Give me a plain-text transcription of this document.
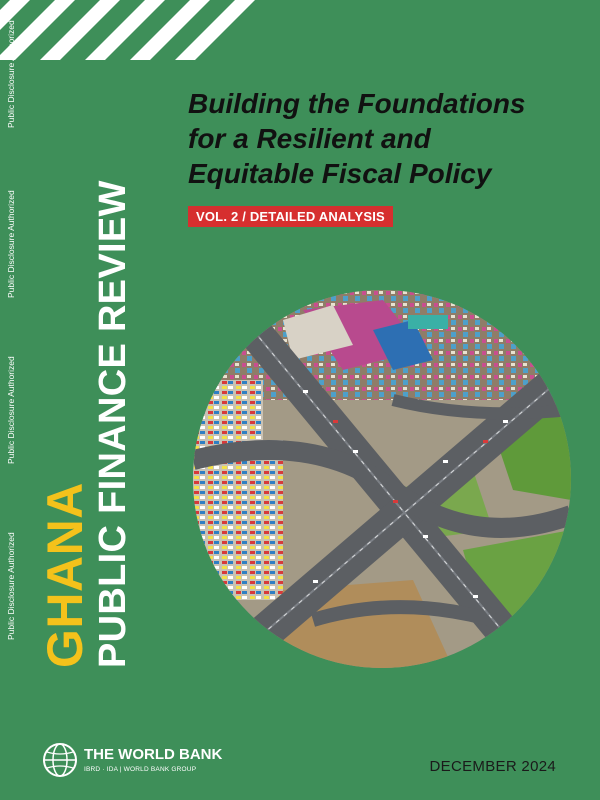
Public Disclosure Authorized
Public Disclosure Authorized
Public Disclosure Authorized
Public Disclosure Authorized GHANA PUBLIC FINANCE REVIEW
Building the Foundations
for a Resilient and
Equitable Fiscal Policy
VOL. 2 / DETAILED ANALYSIS
THE WORLD BANK
IBRD · IDA | WORLD BANK GROUP	DECEMBER 2024
